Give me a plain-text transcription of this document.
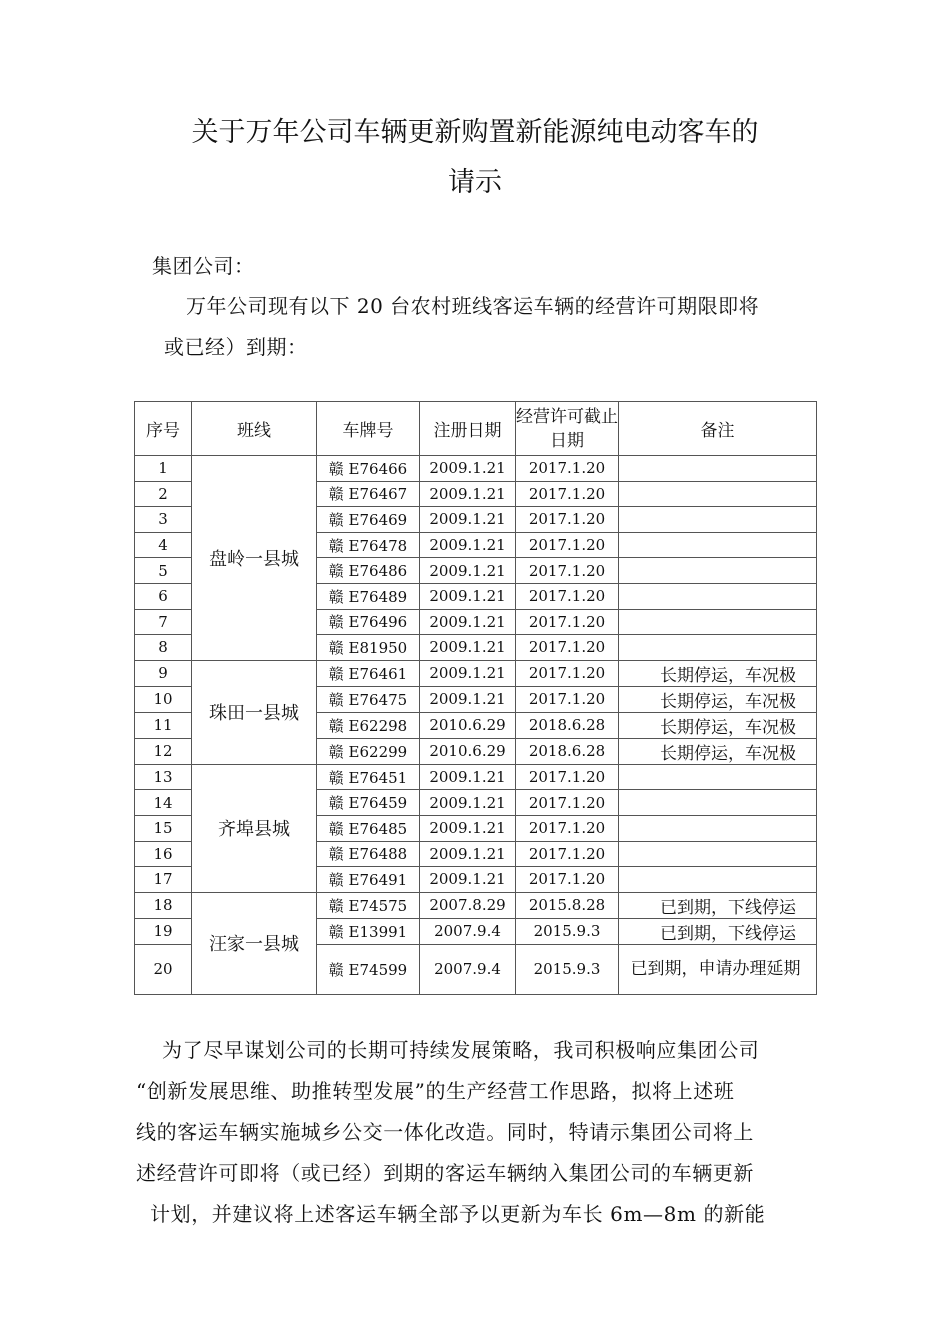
关于万年公司车辆更新购置新能源纯电动客车的
请示
集团公司：
万年公司现有以下 20 台农村班线客运车辆的经营许可期限即将
或已经）到期：
序号	班线	车牌号	注册日期	经营许可截止日期	备注
1	盘岭一县城	赣 E76466	2009.1.21	2017.1.20	
2		赣 E76467	2009.1.21	2017.1.20	
3		赣 E76469	2009.1.21	2017.1.20	
4		赣 E76478	2009.1.21	2017.1.20	
5		赣 E76486	2009.1.21	2017.1.20	
6		赣 E76489	2009.1.21	2017.1.20	
7		赣 E76496	2009.1.21	2017.1.20	
8		赣 E81950	2009.1.21	2017.1.20	
9	珠田一县城	赣 E76461	2009.1.21	2017.1.20	长期停运，车况极
10		赣 E76475	2009.1.21	2017.1.20	长期停运，车况极
11		赣 E62298	2010.6.29	2018.6.28	长期停运，车况极
12		赣 E62299	2010.6.29	2018.6.28	长期停运，车况极
13	齐埠县城	赣 E76451	2009.1.21	2017.1.20	
14		赣 E76459	2009.1.21	2017.1.20	
15		赣 E76485	2009.1.21	2017.1.20	
16		赣 E76488	2009.1.21	2017.1.20	
17		赣 E76491	2009.1.21	2017.1.20	
18	汪家一县城	赣 E74575	2007.8.29	2015.8.28	已到期，下线停运
19		赣 E13991	2007.9.4	2015.9.3	已到期，下线停运
20		赣 E74599	2007.9.4	2015.9.3	已到期，申请办理延期
为了尽早谋划公司的长期可持续发展策略，我司积极响应集团公司
“创新发展思维、助推转型发展”的生产经营工作思路，拟将上述班
线的客运车辆实施城乡公交一体化改造。同时，特请示集团公司将上
述经营许可即将（或已经）到期的客运车辆纳入集团公司的车辆更新
计划，并建议将上述客运车辆全部予以更新为车长 6m—8m 的新能
